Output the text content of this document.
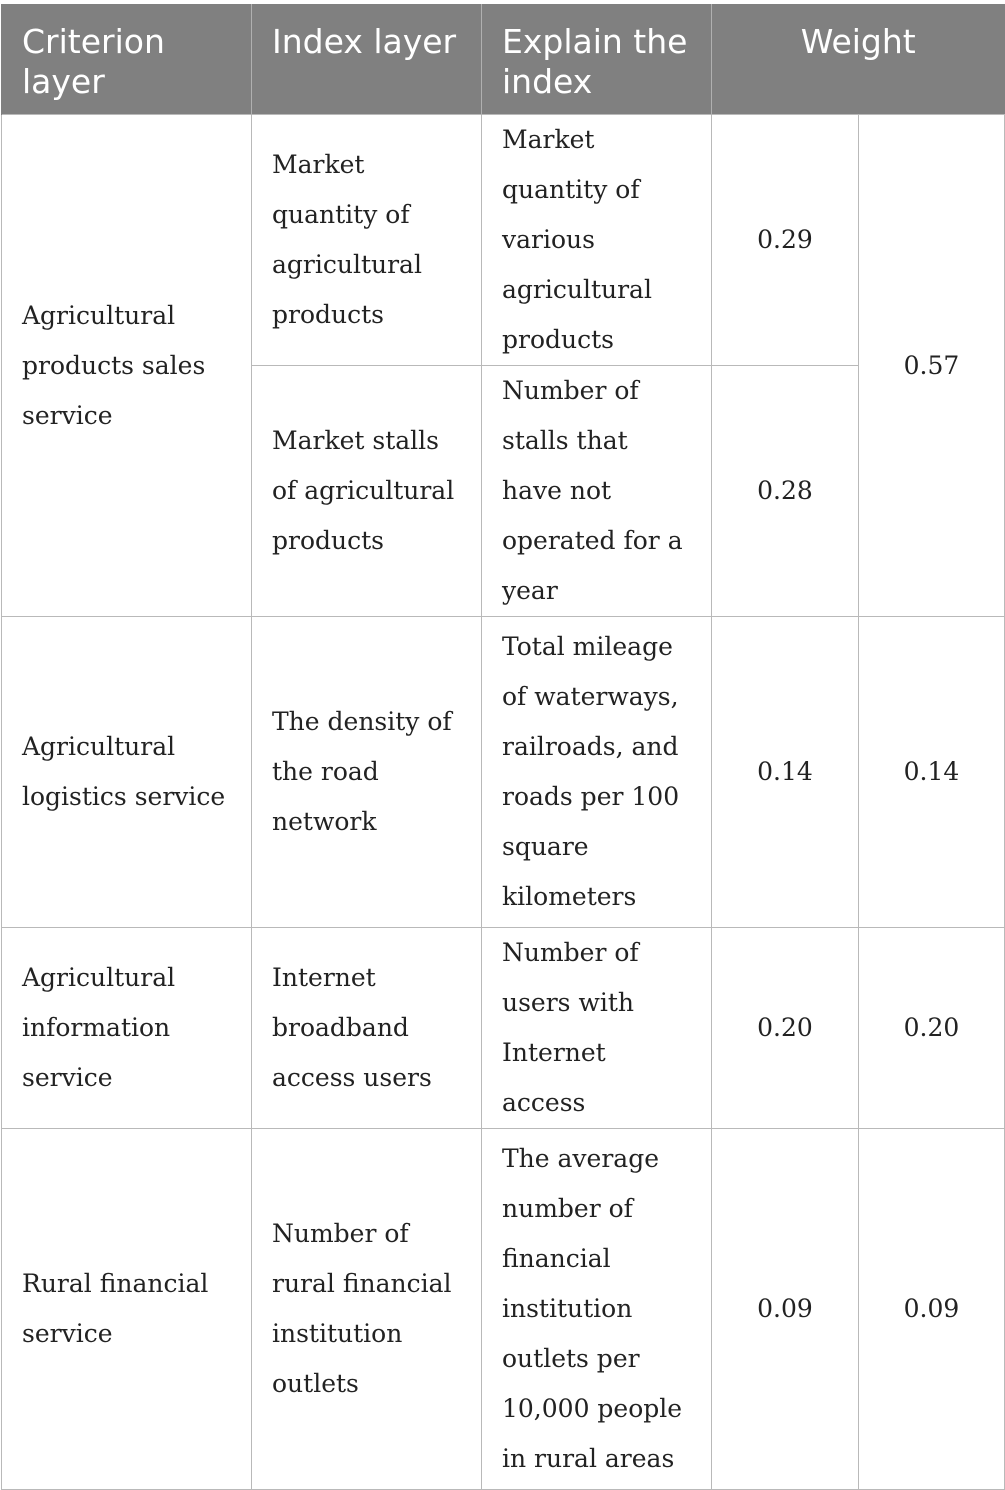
Criterion layer	Index layer	Explain the index	Weight	
Agricultural products sales service	Market quantity of agricultural products	Market quantity of various agricultural products	0.29	0.57
	Market stalls of agricultural products	Number of stalls that have not operated for a year	0.28	
Agricultural logistics service	The density of the road network	Total mileage of waterways, railroads, and roads per 100 square kilometers	0.14	0.14
Agricultural information service	Internet broadband access users	Number of users with Internet access	0.20	0.20
Rural financial service	Number of rural financial institution outlets	The average number of financial institution outlets per 10,000 people in rural areas	0.09	0.09
